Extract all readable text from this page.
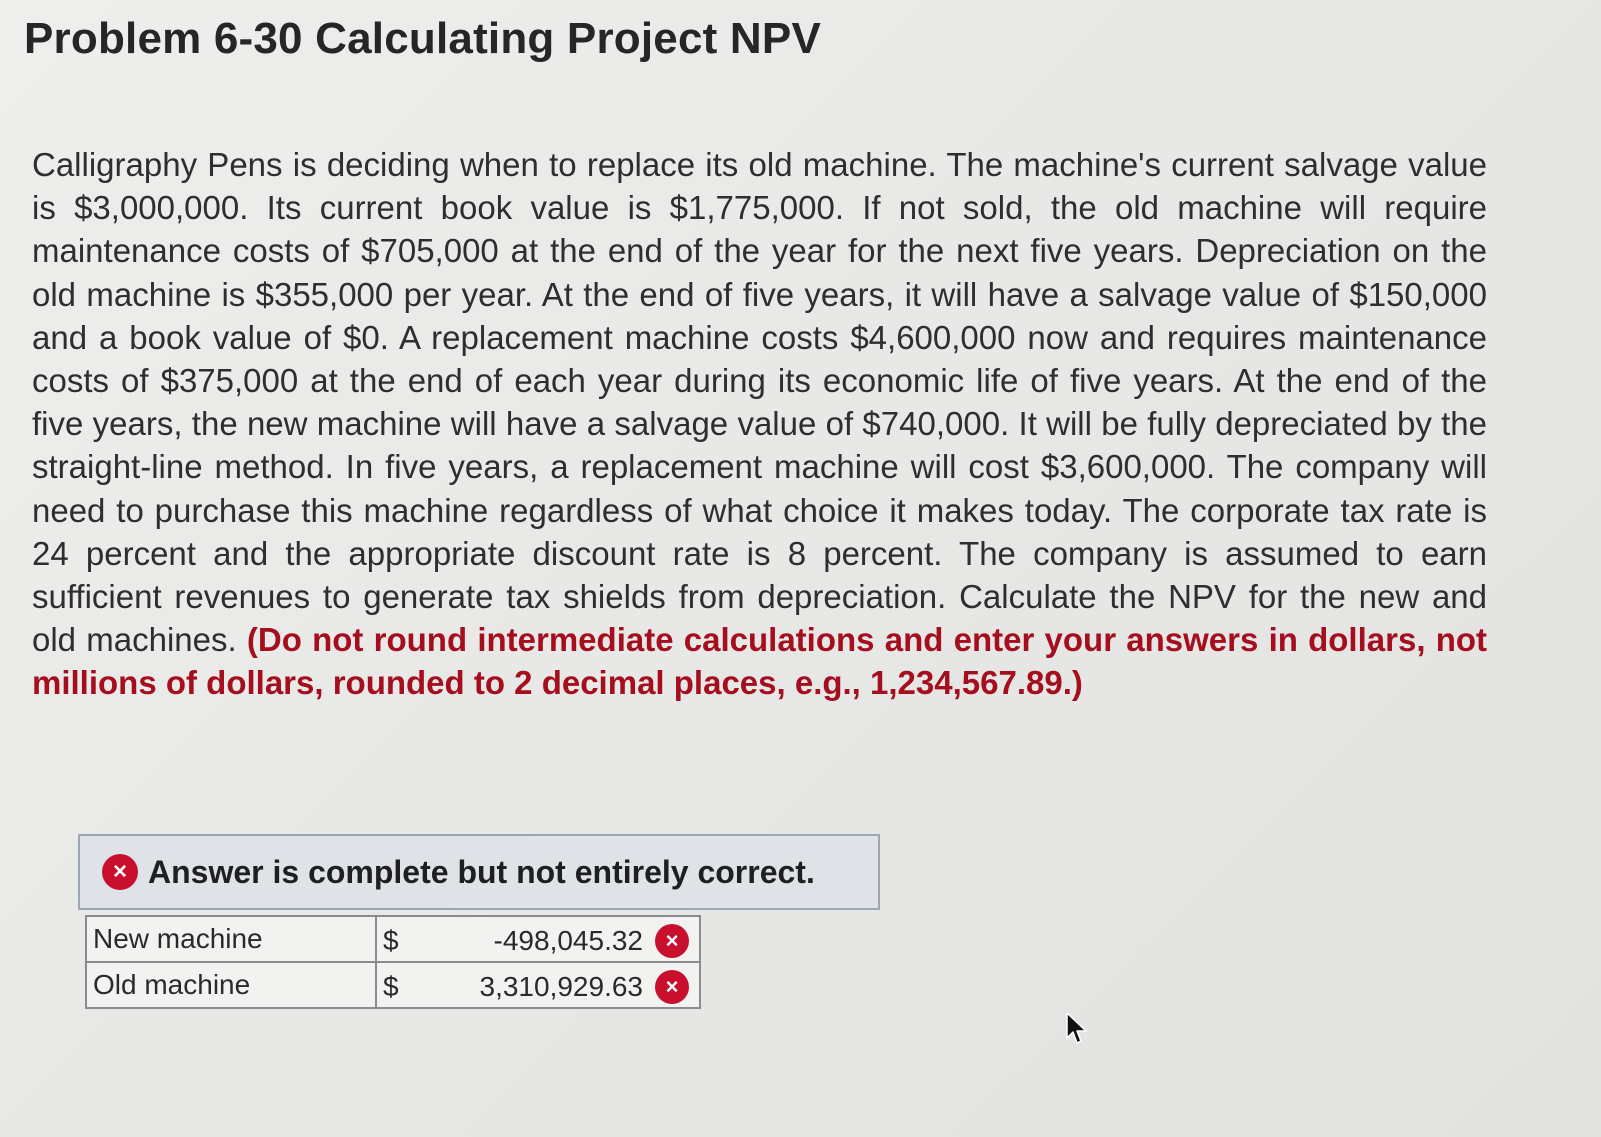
Problem 6-30 Calculating Project NPV

Calligraphy Pens is deciding when to replace its old machine. The machine's current salvage value is $3,000,000. Its current book value is $1,775,000. If not sold, the old machine will require maintenance costs of $705,000 at the end of the year for the next five years. Depreciation on the old machine is $355,000 per year. At the end of five years, it will have a salvage value of $150,000 and a book value of $0. A replacement machine costs $4,600,000 now and requires maintenance costs of $375,000 at the end of each year during its economic life of five years. At the end of the five years, the new machine will have a salvage value of $740,000. It will be fully depreciated by the straight-line method. In five years, a replacement machine will cost $3,600,000. The company will need to purchase this machine regardless of what choice it makes today. The corporate tax rate is 24 percent and the appropriate discount rate is 8 percent. The company is assumed to earn sufficient revenues to generate tax shields from depreciation. Calculate the NPV for the new and old machines. (Do not round intermediate calculations and enter your answers in dollars, not millions of dollars, rounded to 2 decimal places, e.g., 1,234,567.89.)

× Answer is complete but not entirely correct.
New machine	$ -498,045.32 ×

Old machine	$ 3,310,929.63 ×
